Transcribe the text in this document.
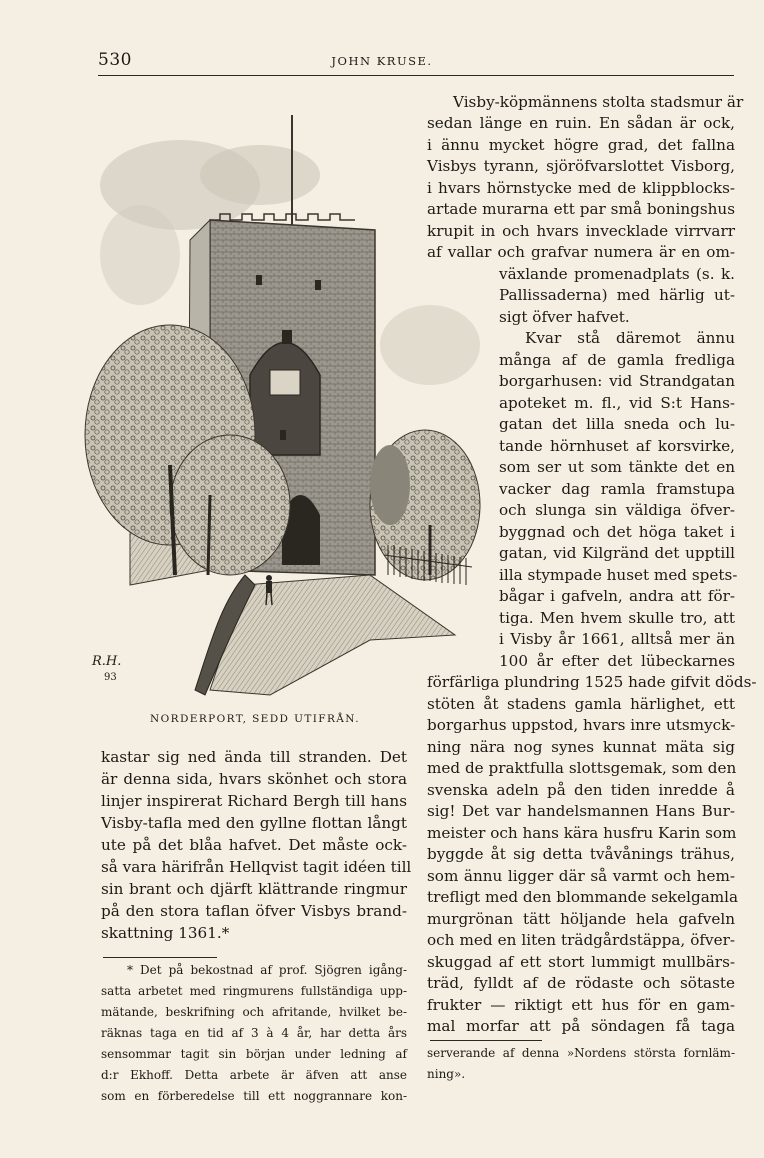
530	JOHN KRUSE.
R.H.
93
NORDERPORT, SEDD UTIFRÅN.
Visby-köpmännens stolta stadsmur är
sedan länge en ruin. En sådan är ock,
i ännu mycket högre grad, det fallna
Visbys tyrann, sjöröfvarslottet Visborg,
i hvars hörnstycke med de klippblocks-
artade murarna ett par små boningshus
krupit in och hvars invecklade virrvarr
af vallar och grafvar numera är en om-
växlande promenadplats (s. k.
Pallissaderna) med härlig ut-
sigt öfver hafvet.
Kvar stå däremot ännu
många af de gamla fredliga
borgarhusen: vid Strandgatan
apoteket m. fl., vid S:t Hans-
gatan det lilla sneda och lu-
tande hörnhuset af korsvirke,
som ser ut som tänkte det en
vacker dag ramla framstupa
och slunga sin väldiga öfver-
byggnad och det höga taket i
gatan, vid Kilgränd det upptill
illa stympade huset med spets-
bågar i gafveln, andra att för-
tiga. Men hvem skulle tro, att
i Visby år 1661, alltså mer än
100 år efter det lübeckarnes
förfärliga plundring 1525 hade gifvit döds-
stöten åt stadens gamla härlighet, ett
borgarhus uppstod, hvars inre utsmyck-
ning nära nog synes kunnat mäta sig
med de praktfulla slottsgemak, som den
svenska adeln på den tiden inredde å
sig! Det var handelsmannen Hans Bur-
meister och hans kära husfru Karin som
byggde åt sig detta tvåvånings trähus,
som ännu ligger där så varmt och hem-
trefligt med den blommande sekelgamla
murgrönan tätt höljande hela gafveln
och med en liten trädgårdstäppa, öfver-
skuggad af ett stort lummigt mullbärs-
träd, fylldt af de rödaste och sötaste
frukter — riktigt ett hus för en gam-
mal morfar att på söndagen få taga
kastar sig ned ända till stranden. Det
är denna sida, hvars skönhet och stora
linjer inspirerat Richard Bergh till hans
Visby-tafla med den gyllne flottan långt
ute på det blåa hafvet. Det måste ock-
så vara härifrån Hellqvist tagit idéen till
sin brant och djärft klättrande ringmur
på den stora taflan öfver Visbys brand-
skattning 1361.*
* Det på bekostnad af prof. Sjögren igång-
satta arbetet med ringmurens fullständiga upp-
mätande, beskrifning och afritande, hvilket be-
räknas taga en tid af 3 à 4 år, har detta års
sensommar tagit sin början under ledning af
d:r Ekhoff. Detta arbete är äfven att anse
som en förberedelse till ett noggrannare kon-
serverande af denna »Nordens största fornläm-
ning».
